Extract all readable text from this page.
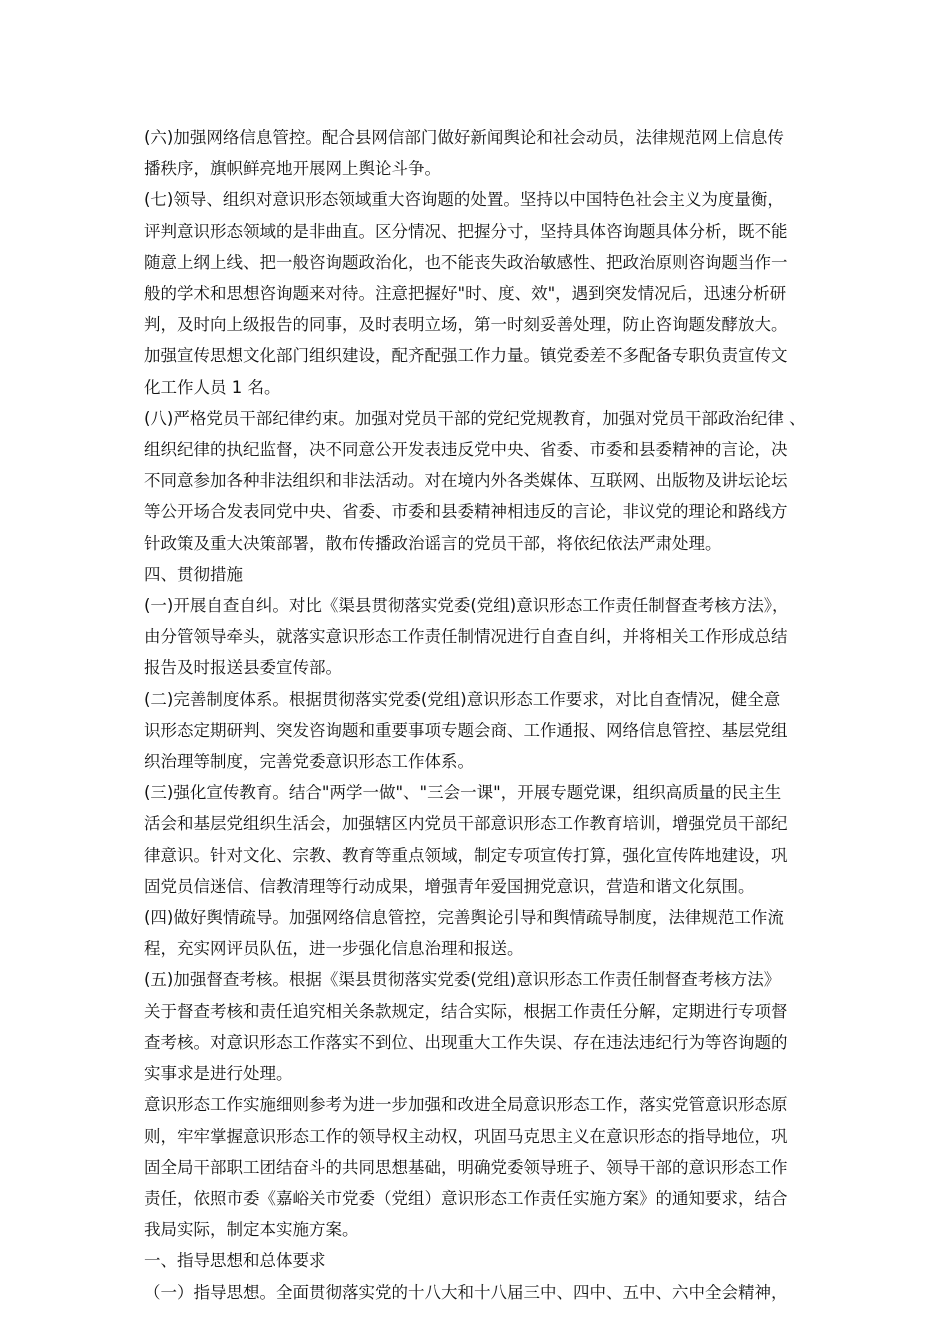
(六)加强网络信息管控。配合县网信部门做好新闻舆论和社会动员，法律规范网上信息传

播秩序，旗帜鲜亮地开展网上舆论斗争。

(七)领导、组织对意识形态领域重大咨询题的处置。坚持以中国特色社会主义为度量衡，

评判意识形态领域的是非曲直。区分情况、把握分寸，坚持具体咨询题具体分析，既不能

随意上纲上线、把一般咨询题政治化，也不能丧失政治敏感性、把政治原则咨询题当作一

般的学术和思想咨询题来对待。注意把握好"时、度、效"，遇到突发情况后，迅速分析研

判，及时向上级报告的同事，及时表明立场，第一时刻妥善处理，防止咨询题发酵放大。

加强宣传思想文化部门组织建设，配齐配强工作力量。镇党委差不多配备专职负责宣传文

化工作人员 1 名。

(八)严格党员干部纪律约束。加强对党员干部的党纪党规教育，加强对党员干部政治纪律 、

组织纪律的执纪监督，决不同意公开发表违反党中央、省委、市委和县委精神的言论，决

不同意参加各种非法组织和非法活动。对在境内外各类媒体、互联网、出版物及讲坛论坛

等公开场合发表同党中央、省委、市委和县委精神相违反的言论，非议党的理论和路线方

针政策及重大决策部署，散布传播政治谣言的党员干部，将依纪依法严肃处理。

四、贯彻措施

(一)开展自查自纠。对比《渠县贯彻落实党委(党组)意识形态工作责任制督查考核方法》，

由分管领导牵头，就落实意识形态工作责任制情况进行自查自纠，并将相关工作形成总结

报告及时报送县委宣传部。

(二)完善制度体系。根据贯彻落实党委(党组)意识形态工作要求，对比自查情况，健全意

识形态定期研判、突发咨询题和重要事项专题会商、工作通报、网络信息管控、基层党组

织治理等制度，完善党委意识形态工作体系。

(三)强化宣传教育。结合"两学一做"、"三会一课"，开展专题党课，组织高质量的民主生

活会和基层党组织生活会，加强辖区内党员干部意识形态工作教育培训，增强党员干部纪

律意识。针对文化、宗教、教育等重点领域，制定专项宣传打算，强化宣传阵地建设，巩

固党员信迷信、信教清理等行动成果，增强青年爱国拥党意识，营造和谐文化氛围。

(四)做好舆情疏导。加强网络信息管控，完善舆论引导和舆情疏导制度，法律规范工作流

程，充实网评员队伍，进一步强化信息治理和报送。

(五)加强督查考核。根据《渠县贯彻落实党委(党组)意识形态工作责任制督查考核方法》

关于督查考核和责任追究相关条款规定，结合实际，根据工作责任分解，定期进行专项督

查考核。对意识形态工作落实不到位、出现重大工作失误、存在违法违纪行为等咨询题的

实事求是进行处理。

意识形态工作实施细则参考为进一步加强和改进全局意识形态工作，落实党管意识形态原

则，牢牢掌握意识形态工作的领导权主动权，巩固马克思主义在意识形态的指导地位，巩

固全局干部职工团结奋斗的共同思想基础，明确党委领导班子、领导干部的意识形态工作

责任，依照市委《嘉峪关市党委（党组）意识形态工作责任实施方案》的通知要求，结合

我局实际，制定本实施方案。

一、指导思想和总体要求

（一）指导思想。全面贯彻落实党的十八大和十八届三中、四中、五中、六中全会精神，
